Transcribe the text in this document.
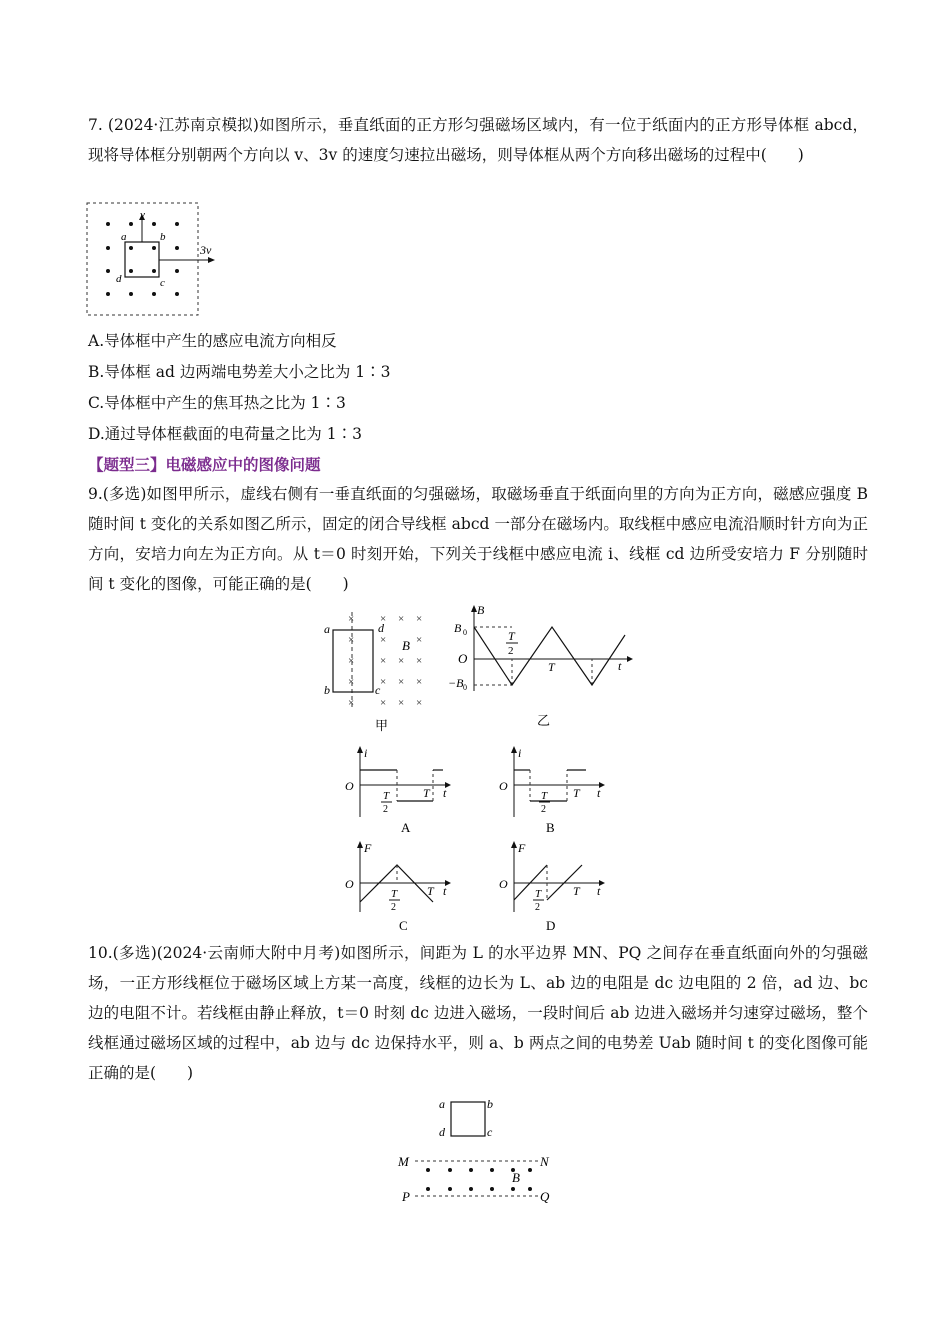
7. (2024·江苏南京模拟)如图所示，垂直纸面的正方形匀强磁场区域内，有一位于纸面内的正方形导体框 abcd，现将导体框分别朝两个方向以 v、3v 的速度匀速拉出磁场，则导体框从两个方向移出磁场的过程中(　　)
v
3v
a	b
c
d
A.导体框中产生的感应电流方向相反
B.导体框 ad 边两端电势差大小之比为 1∶3
C.导体框中产生的焦耳热之比为 1∶3
D.通过导体框截面的电荷量之比为 1∶3
【题型三】电磁感应中的图像问题
9.(多选)如图甲所示，虚线右侧有一垂直纸面的匀强磁场，取磁场垂直于纸面向里的方向为正方向，磁感应强度 B 随时间 t 变化的关系如图乙所示，固定的闭合导线框 abcd 一部分在磁场内。取线框中感应电流沿顺时针方向为正方向，安培力向左为正方向。从 t＝0 时刻开始，下列关于线框中感应电流 i、线框 cd 边所受安培力 F 分别随时间 t 变化的图像，可能正确的是(　　)
× × × ×
× ×	×
× × × ×
× × × ×
× × × ×
a
b	c
d
B
甲
B
t
O
B 0
−B 0
T
2
T
乙
i
O	t
T
T
2
A
i
O	t
T
T
2
B
F
O	t
T
T
2
C
F
O	t
T
T
2
D
10.(多选)(2024·云南师大附中月考)如图所示，间距为 L 的水平边界 MN、PQ 之间存在垂直纸面向外的匀强磁场，一正方形线框位于磁场区域上方某一高度，线框的边长为 L、ab 边的电阻是 dc 边电阻的 2 倍，ad 边、bc 边的电阻不计。若线框由静止释放，t＝0 时刻 dc 边进入磁场，一段时间后 ab 边进入磁场并匀速穿过磁场，整个线框通过磁场区域的过程中，ab 边与 dc 边保持水平，则 a、b 两点之间的电势差 Uab 随时间 t 的变化图像可能正确的是(　　)
a	b
c
d
M	N
P	Q
B
